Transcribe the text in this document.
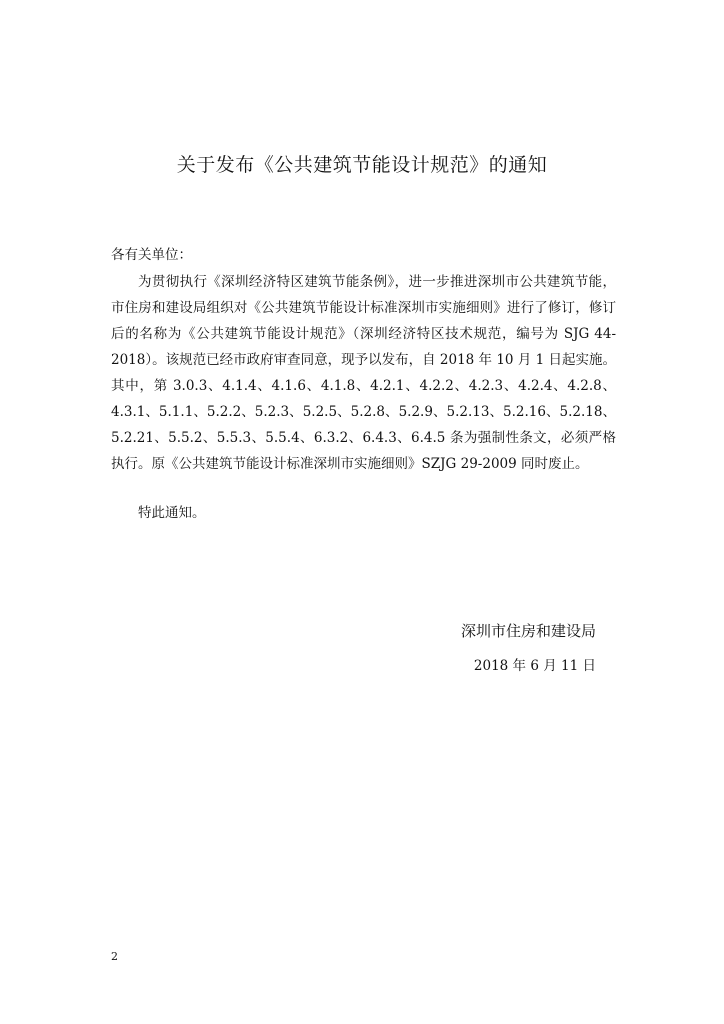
关于发布《公共建筑节能设计规范》的通知
各有关单位：

为贯彻执行《深圳经济特区建筑节能条例》，进一步推进深圳市公共建筑节能，市住房和建设局组织对《公共建筑节能设计标准深圳市实施细则》进行了修订，修订后的名称为《公共建筑节能设计规范》（深圳经济特区技术规范，编号为 SJG 44-2018）。该规范已经市政府审查同意，现予以发布，自 2018 年 10 月 1 日起实施。其中，第 3.0.3、4.1.4、4.1.6、4.1.8、4.2.1、4.2.2、4.2.3、4.2.4、4.2.8、4.3.1、5.1.1、5.2.2、5.2.3、5.2.5、5.2.8、5.2.9、5.2.13、5.2.16、5.2.18、5.2.21、5.5.2、5.5.3、5.5.4、6.3.2、6.4.3、6.4.5 条为强制性条文，必须严格执行。原《公共建筑节能设计标准深圳市实施细则》SZJG 29-2009 同时废止。

特此通知。

深圳市住房和建设局
2018 年 6 月 11 日
2
